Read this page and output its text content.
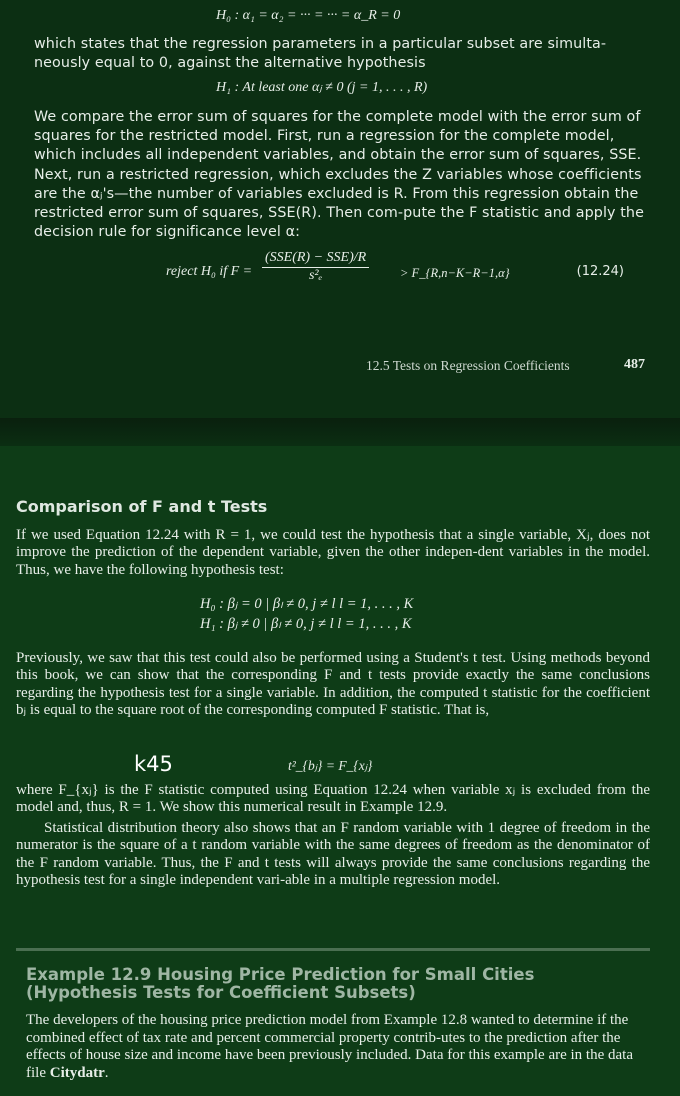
H₀ : α₁ = α₂ = ··· = ··· = α_R = 0
which states that the regression parameters in a particular subset are simulta-neously equal to 0, against the alternative hypothesis
H₁ : At least one αⱼ ≠ 0 (j = 1, . . . , R)
We compare the error sum of squares for the complete model with the error sum of squares for the restricted model. First, run a regression for the complete model, which includes all independent variables, and obtain the error sum of squares, SSE. Next, run a restricted regression, which excludes the Z variables whose coefficients are the αⱼ's—the number of variables excluded is R. From this regression obtain the restricted error sum of squares, SSE(R). Then com-pute the F statistic and apply the decision rule for significance level α:
reject H₀ if F =
(SSE(R) − SSE)/R
s²ₑ	> F_{R,n−K−R−1,α}	(12.24)
12.5 Tests on Regression Coefficients	487
Comparison of F and t Tests
If we used Equation 12.24 with R = 1, we could test the hypothesis that a single variable, Xⱼ, does not improve the prediction of the dependent variable, given the other indepen-dent variables in the model. Thus, we have the following hypothesis test:
H₀ : βⱼ = 0 | βₗ ≠ 0, j ≠ l l = 1, . . . , K
H₁ : βⱼ ≠ 0 | βₗ ≠ 0, j ≠ l l = 1, . . . , K
Previously, we saw that this test could also be performed using a Student's t test. Using methods beyond this book, we can show that the corresponding F and t tests provide exactly the same conclusions regarding the hypothesis test for a single variable. In addition, the computed t statistic for the coefficient bⱼ is equal to the square root of the corresponding computed F statistic. That is,
k45	t²_{bⱼ} = F_{xⱼ}
where F_{xⱼ} is the F statistic computed using Equation 12.24 when variable xⱼ is excluded from the model and, thus, R = 1. We show this numerical result in Example 12.9.
Statistical distribution theory also shows that an F random variable with 1 degree of freedom in the numerator is the square of a t random variable with the same degrees of freedom as the denominator of the F random variable. Thus, the F and t tests will always provide the same conclusions regarding the hypothesis test for a single independent vari-able in a multiple regression model.
Example 12.9 Housing Price Prediction for Small Cities (Hypothesis Tests for Coefficient Subsets)
The developers of the housing price prediction model from Example 12.8 wanted to determine if the combined effect of tax rate and percent commercial property contrib-utes to the prediction after the effects of house size and income have been previously included. Data for this example are in the data file Citydatr.
